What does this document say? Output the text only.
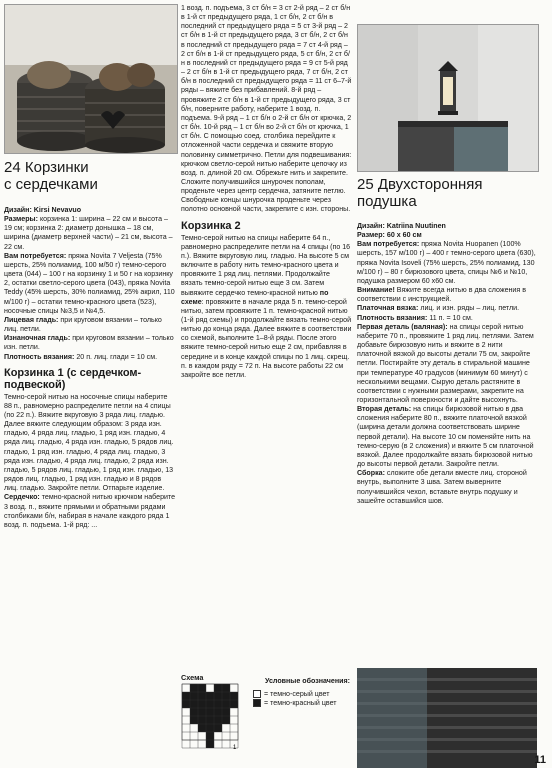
24 Корзинки
с сердечками

Дизайн: Kirsi Nevavuo

Размеры: корзинка 1: ширина – 22 см и высота – 19 см; корзинка 2: диаметр донышка – 18 см, ширина (диаметр верхней части) – 21 см, высота – 22 см.

Вам потребуется: пряжа Novita 7 Veljesta (75% шерсть, 25% полиамид, 100 м/50 г) темно-серого цвета (044) – 100 г на корзинку 1 и 50 г на корзинку 2, остатки светло-серого цвета (043), пряжа Novita Teddy (45% шерсть, 30% полиамид, 25% акрил, 110 м/100 г) – остатки темно-красного цвета (523), носочные спицы №3,5 и №4,5.

Лицевая гладь: при круговом вязании – только лиц. петли.

Изнаночная гладь: при круговом вязании – только изн. петли.

Плотность вязания: 20 п. лиц. глади = 10 см.

Корзинка 1 (с сердечком-подвеской)

Темно-серой нитью на носочные спицы наберите 88 п., равномерно распределите петли на 4 спицы (по 22 п.). Вяжите вкруговую 3 ряда лиц. гладью. Далее вяжите следующим образом: 3 ряда изн. гладью, 4 ряда лиц. гладью, 1 ряд изн. гладью, 4 ряда лиц. гладью, 4 ряда изн. гладью, 5 рядов лиц. гладью, 1 ряд изн. гладью, 4 ряда лиц. гладью, 3 ряда изн. гладью, 4 ряда лиц. гладью, 2 ряда изн. гладью, 5 рядов лиц. гладью, 1 ряд изн. гладью, 13 рядов лиц. гладью, 1 ряд изн. гладью и 8 рядов лиц. гладью. Закройте петли. Отпарьте изделие.

Сердечко: темно-красной нитью крючком наберите 3 возд. п., вяжите прямыми и обратными рядами столбиками б/н, набирая в начале каждого ряда 1 возд. п. подъема. 1-й ряд: ...

1 возд. п. подъема, 3 ст б/н = 3 ст 2-й ряд – 2 ст б/н в 1-й ст предыдущего ряда, 1 ст б/н, 2 ст б/н в последний ст предыдущего ряда = 5 ст 3-й ряд – 2 ст б/н в 1-й ст предыдущего ряда, 3 ст б/н, 2 ст б/н в последний ст предыдущего ряда = 7 ст 4-й ряд – 2 ст б/н в 1-й ст предыдущего ряда, 5 ст б/н, 2 ст б/н в последний ст предыдущего ряда = 9 ст 5-й ряд – 2 ст б/н в 1-й ст предыдущего ряда, 7 ст б/н, 2 ст б/н в последний ст предыдущего ряда = 11 ст 6–7-й ряды – вяжите без прибавлений. 8-й ряд – провяжите 2 ст б/н в 1-й ст предыдущего ряда, 3 ст б/н, поверните работу, наберите 1 возд. п. подъема. 9-й ряд – 1 ст б/н о 2-й ст б/н от крючка, 2 ст б/н. 10-й ряд – 1 ст б/н во 2-й ст б/н от крючка, 1 ст б/н. С помощью соед. столбика перейдите к отложенной части сердечка и свяжите вторую половинку симметрично. Петли для подвешивания: крючком светло-серой нитью наберите цепочку из возд. п. длиной 20 см. Обрежьте нить и закрепите. Сложите получившийся шнурочек пополам, проденьте через центр сердечка, затяните петлю. Свободные концы шнурочка проденьте через полотно основной части, закрепите с изн. стороны.

Корзинка 2

Темно-серой нитью на спицы наберите 64 п., равномерно распределите петли на 4 спицы (по 16 п.). Вяжите вкруговую лиц. гладью. На высоте 5 см включите в работу нить темно-красного цвета и провяжите 1 ряд лиц. петлями. Продолжайте вязать темно-серой нитью еще 3 см. Затем вывяжите сердечко темно-красной нитью по схеме: провяжите в начале ряда 5 п. темно-серой нитью, затем провяжите 1 п. темно-красной нитью (1-й ряд схемы) и продолжайте вязать темно-серой нитью до конца ряда. Далее вяжите в соответствии со схемой, выполните 1–8-й ряды. После этого вяжите темно-серой нитью еще 2 см, прибавляя в середине и в конце каждой спицы по 1 лиц. скрещ. п. в каждом ряду = 72 п. На высоте работы 22 см закройте все петли.

Схема
1
Условные обозначения:
= темно-серый цвет
= темно-красный цвет
25 Двухсторонняя
подушка

Дизайн: Katriina Nuutinen

Размер: 60 x 60 см

Вам потребуется: пряжа Novita Huopanen (100% шерсть, 157 м/100 г) – 400 г темно-серого цвета (630), пряжа Novita Isoveli (75% шерсть, 25% полиамид, 130 м/100 г) – 80 г бирюзового цвета, спицы №6 и №10, подушка размером 60 x60 см.

Внимание! Вяжите всегда нитью в два сложения в соответствии с инструкцией.

Платочная вязка: лиц. и изн. ряды – лиц. петли.

Плотность вязания: 11 п. = 10 см.

Первая деталь (валяная): на спицы серой нитью наберите 70 п., провяжите 1 ряд лиц. петлями. Затем добавьте бирюзовую нить и вяжите в 2 нити платочной вязкой до высоты детали 75 см, закройте петли. Постирайте эту деталь в стиральной машине при температуре 40 градусов (минимум 60 минут) с несколькими вещами. Сырую деталь растяните в соответствии с нужными размерами, закрепите на горизонтальной поверхности и дайте высохнуть.

Вторая деталь: на спицы бирюзовой нитью в два сложения наберите 80 п., вяжите платочной вязкой (ширина детали должна соответствовать ширине первой детали). На высоте 10 см поменяйте нить на темно-серую (в 2 сложения) и вяжите 5 см платочной вязкой. Далее продолжайте вязать бирюзовой нитью до высоты первой детали. Закройте петли.

Сборка: сложите обе детали вместе лиц. стороной внутрь, выполните 3 шва. Затем выверните получившийся чехол, вставьте внутрь подушку и зашейте оставшийся шов.

11
